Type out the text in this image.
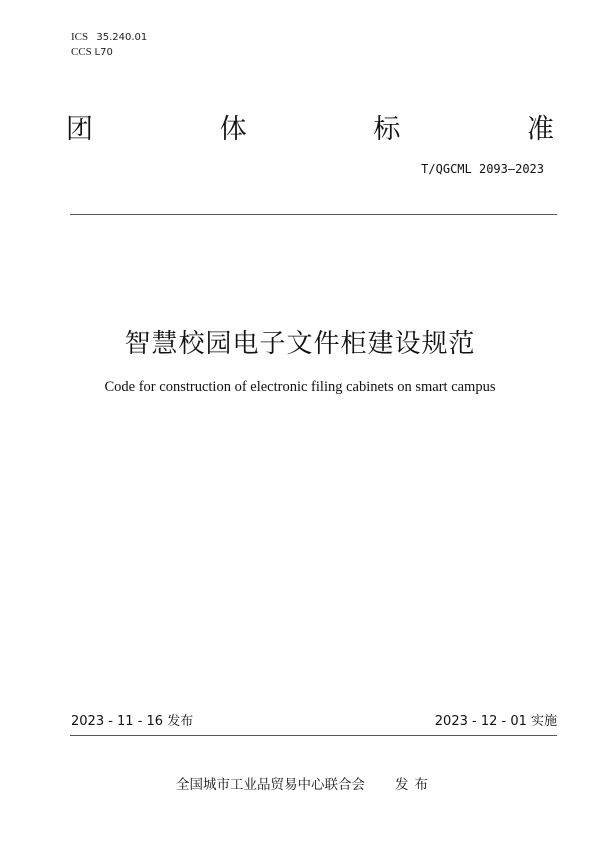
ICS 35.240.01
CCS L70
团	体	标	准
T/QGCML 2093—2023
智慧校园电子文件柜建设规范
Code for construction of electronic filing cabinets on smart campus
2023 - 11 - 16 发布	2023 - 12 - 01 实施
全国城市工业品贸易中心联合会 发布
